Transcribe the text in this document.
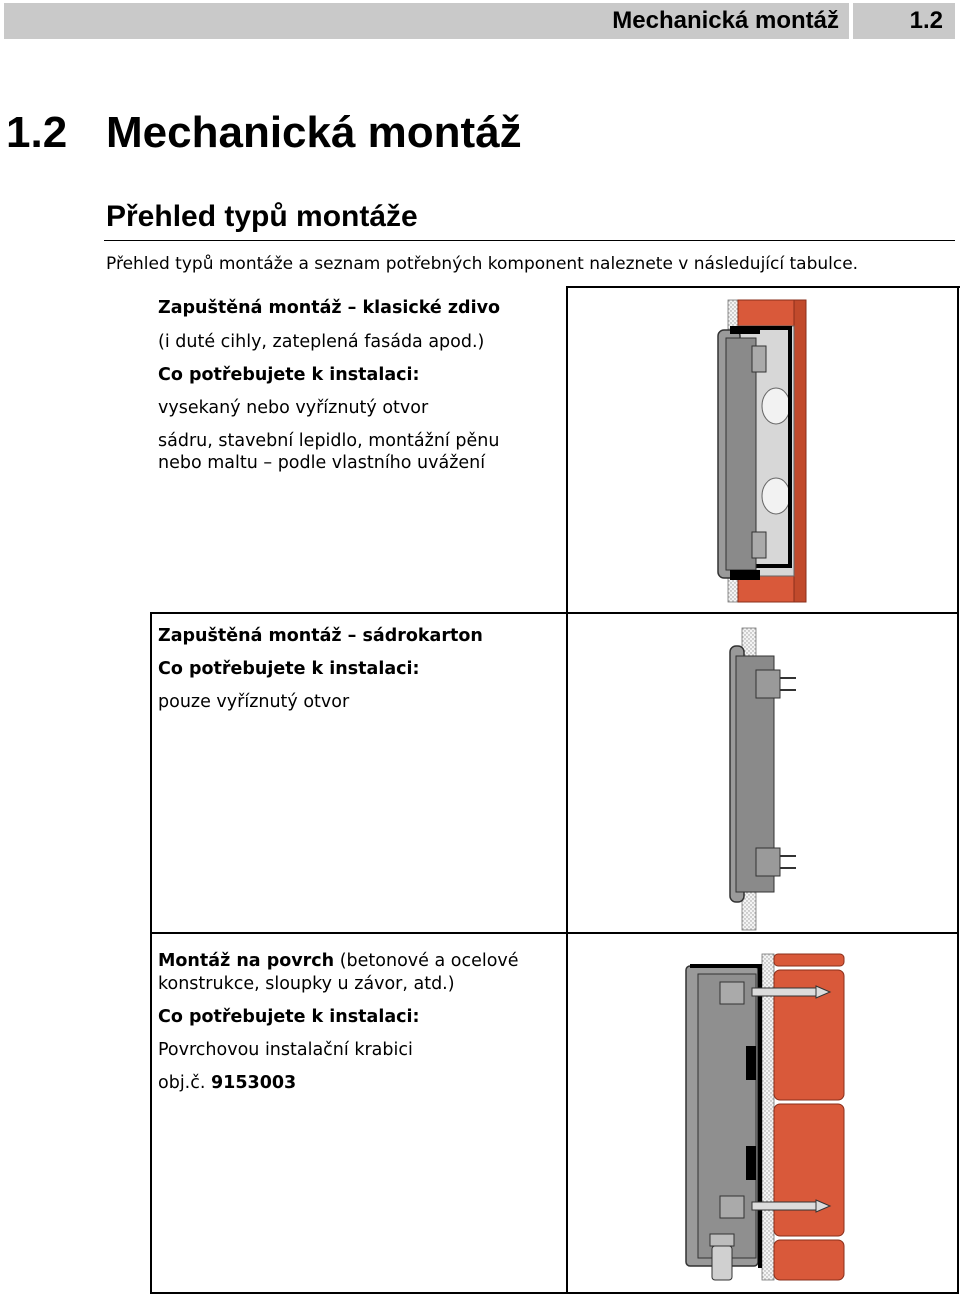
Mechanická montáž	1.2
1.2 Mechanická montáž
Přehled typů montáže
Přehled typů montáže a seznam potřebných komponent naleznete v následující tabulce.
Zapuštěná montáž – klasické zdivo
(i duté cihly, zateplená fasáda apod.)
Co potřebujete k instalaci:
vysekaný nebo vyříznutý otvor
sádru, stavební lepidlo, montážní pěnu
nebo maltu – podle vlastního uvážení
Zapuštěná montáž – sádrokarton
Co potřebujete k instalaci:
pouze vyříznutý otvor
Montáž na povrch (betonové a ocelové
konstrukce, sloupky u závor, atd.)
Co potřebujete k instalaci:
Povrchovou instalační krabici
obj.č. 9153003
